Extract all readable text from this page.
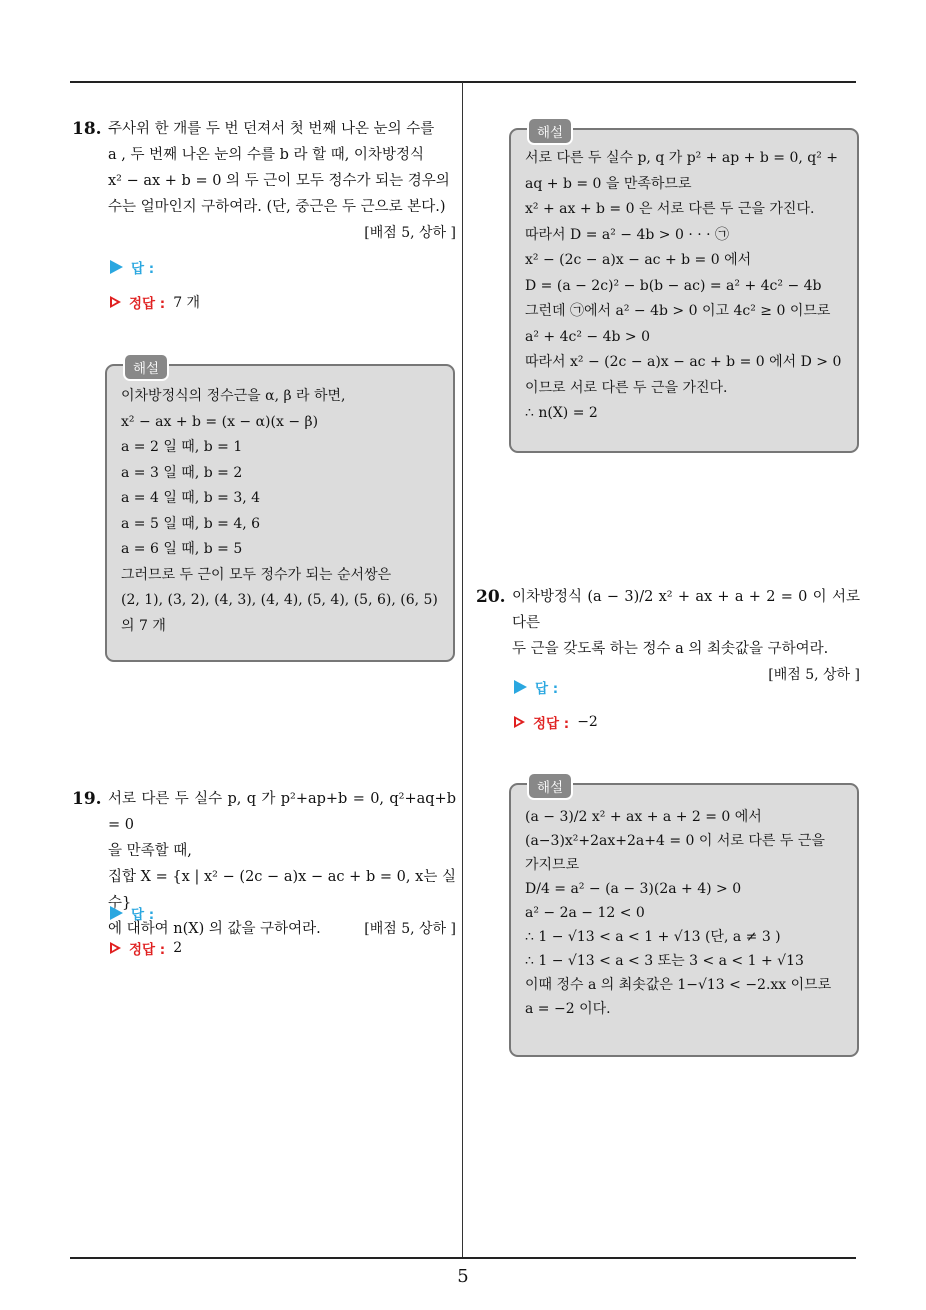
5
18. 주사위 한 개를 두 번 던져서 첫 번째 나온 눈의 수를
a , 두 번째 나온 눈의 수를 b 라 할 때, 이차방정식
x² − ax + b = 0 의 두 근이 모두 정수가 되는 경우의
수는 얼마인지 구하여라. (단, 중근은 두 근으로 본다.)
[배점 5, 상하 ]
답 :
정답 : 7 개
해설
이차방정식의 정수근을 α, β 라 하면,
x² − ax + b = (x − α)(x − β)
a = 2 일 때, b = 1
a = 3 일 때, b = 2
a = 4 일 때, b = 3, 4
a = 5 일 때, b = 4, 6
a = 6 일 때, b = 5
그러므로 두 근이 모두 정수가 되는 순서쌍은
(2, 1), (3, 2), (4, 3), (4, 4), (5, 4), (5, 6), (6, 5)
의 7 개
19. 서로 다른 두 실수 p, q 가 p²+ap+b = 0, q²+aq+b = 0
을 만족할 때,
집합 X = {x | x² − (2c − a)x − ac + b = 0, x는 실수}
에 대하여 n(X) 의 값을 구하여라.	[배점 5, 상하 ]
답 :
정답 : 2
해설
서로 다른 두 실수 p, q 가 p² + ap + b = 0, q² +
aq + b = 0 을 만족하므로
x² + ax + b = 0 은 서로 다른 두 근을 가진다.
따라서 D = a² − 4b > 0 · · · ㉠
x² − (2c − a)x − ac + b = 0 에서
D = (a − 2c)² − b(b − ac) = a² + 4c² − 4b
그런데 ㉠에서 a² − 4b > 0 이고 4c² ≥ 0 이므로
a² + 4c² − 4b > 0
따라서 x² − (2c − a)x − ac + b = 0 에서 D > 0
이므로 서로 다른 두 근을 가진다.
∴ n(X) = 2
20. 이차방정식 (a − 3)/2 x² + ax + a + 2 = 0 이 서로 다른
두 근을 갖도록 하는 정수 a 의 최솟값을 구하여라.
[배점 5, 상하 ]
답 :
정답 : −2
해설
(a − 3)/2 x² + ax + a + 2 = 0 에서
(a−3)x²+2ax+2a+4 = 0 이 서로 다른 두 근을
가지므로
D/4 = a² − (a − 3)(2a + 4) > 0
a² − 2a − 12 < 0
∴ 1 − √13 < a < 1 + √13 (단, a ≠ 3 )
∴ 1 − √13 < a < 3 또는 3 < a < 1 + √13
이때 정수 a 의 최솟값은 1−√13 < −2.xx 이므로
a = −2 이다.
